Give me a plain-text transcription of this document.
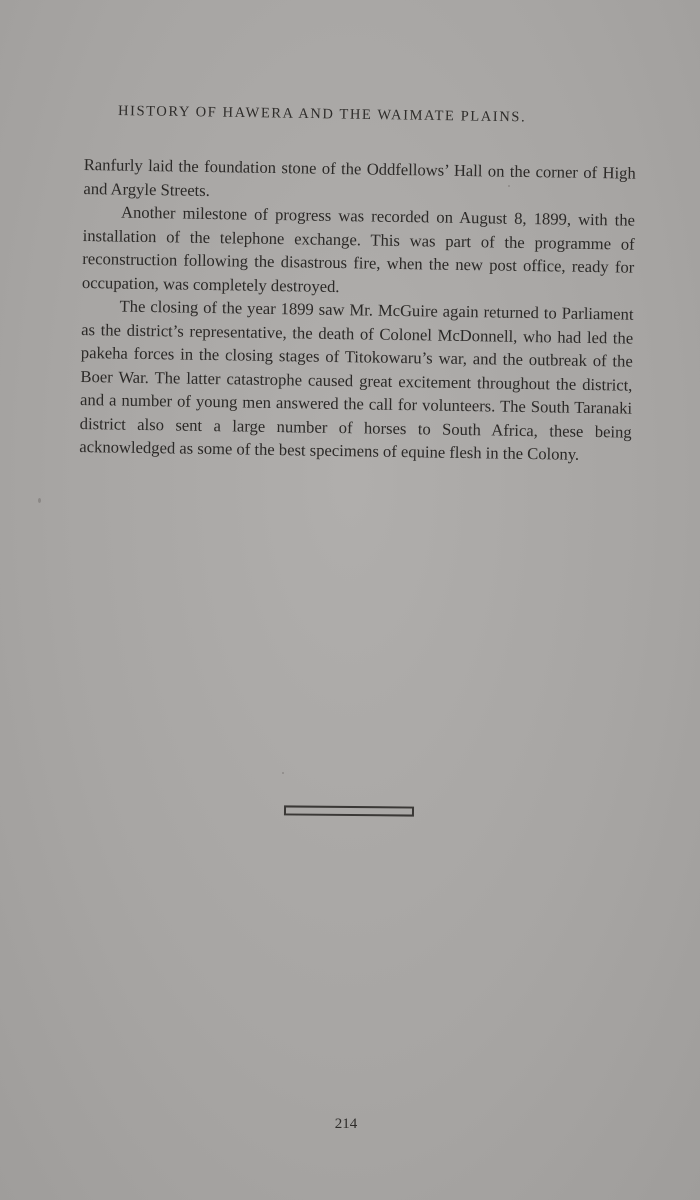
HISTORY OF HAWERA AND THE WAIMATE PLAINS.

Ranfurly laid the foundation stone of the Oddfellows’ Hall on the corner of High and Argyle Streets.

Another milestone of progress was recorded on August 8, 1899, with the installation of the telephone exchange. This was part of the programme of reconstruction following the disastrous fire, when the new post office, ready for occupation, was completely destroyed.

The closing of the year 1899 saw Mr. McGuire again returned to Parliament as the district’s representative, the death of Colonel McDonnell, who had led the pakeha forces in the closing stages of Titokowaru’s war, and the outbreak of the Boer War. The latter catastrophe caused great excitement throughout the district, and a number of young men answered the call for volunteers. The South Taranaki district also sent a large number of horses to South Africa, these being acknowledged as some of the best specimens of equine flesh in the Colony.

214
